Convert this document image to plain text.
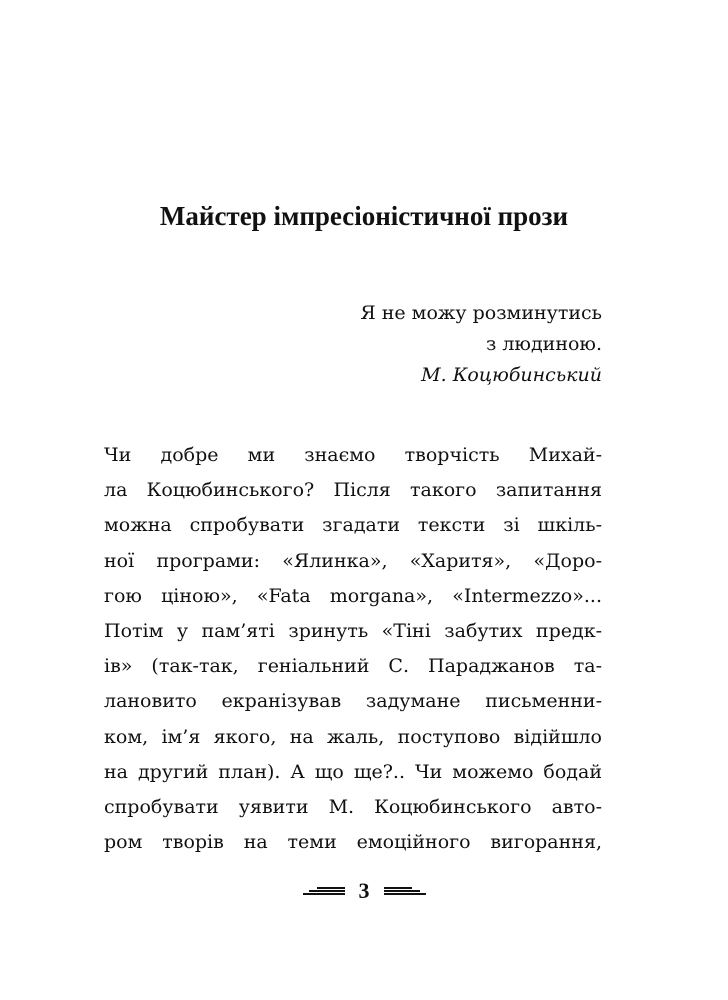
Майстер імпресіоністичної прози
Я не можу розминутись
з людиною.
М. Коцюбинський
Чи добре ми знаємо творчість Михай-
ла Коцюбинського? Після такого запитання
можна спробувати згадати тексти зі шкіль-
ної програми: «Ялинка», «Харитя», «Доро-
гою ціною», «Fata morgana», «Intermezzo»...
Потім у пам’яті зринуть «Тіні забутих предк-
ів» (так-так, геніальний С. Параджанов та-
лановито екранізував задумане письменни-
ком, ім’я якого, на жаль, поступово відійшло
на другий план). А що ще?.. Чи можемо бодай
спробувати уявити М. Коцюбинського авто-
ром творів на теми емоційного вигорання,
3
